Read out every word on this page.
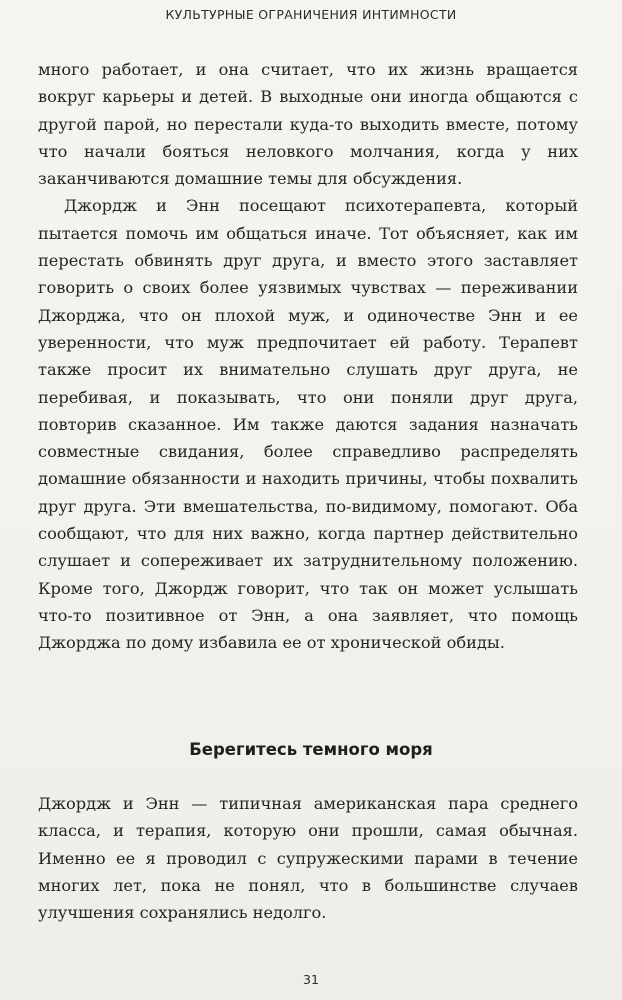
КУЛЬТУРНЫЕ ОГРАНИЧЕНИЯ ИНТИМНОСТИ

много работает, и она считает, что их жизнь вращается вокруг карьеры и детей. В выходные они иногда общаются с другой парой, но перестали куда-то выходить вместе, потому что начали бояться неловкого молчания, когда у них заканчиваются домашние темы для обсуждения.

Джордж и Энн посещают психотерапевта, который пытается помочь им общаться иначе. Тот объясняет, как им перестать обвинять друг друга, и вместо этого заставляет говорить о своих более уязвимых чувствах — переживании Джорджа, что он плохой муж, и одиночестве Энн и ее уверенности, что муж предпочитает ей работу. Терапевт также просит их внимательно слушать друг друга, не перебивая, и показывать, что они поняли друг друга, повторив сказанное. Им также даются задания назначать совместные свидания, более справедливо распределять домашние обязанности и находить причины, чтобы похвалить друг друга. Эти вмешательства, по-видимому, помогают. Оба сообщают, что для них важно, когда партнер действительно слушает и сопереживает их затруднительному положению. Кроме того, Джордж говорит, что так он может услышать что-то позитивное от Энн, а она заявляет, что помощь Джорджа по дому избавила ее от хронической обиды.

Берегитесь темного моря

Джордж и Энн — типичная американская пара среднего класса, и терапия, которую они прошли, самая обычная. Именно ее я проводил с супружескими парами в течение многих лет, пока не понял, что в большинстве случаев улучшения сохранялись недолго.

31
